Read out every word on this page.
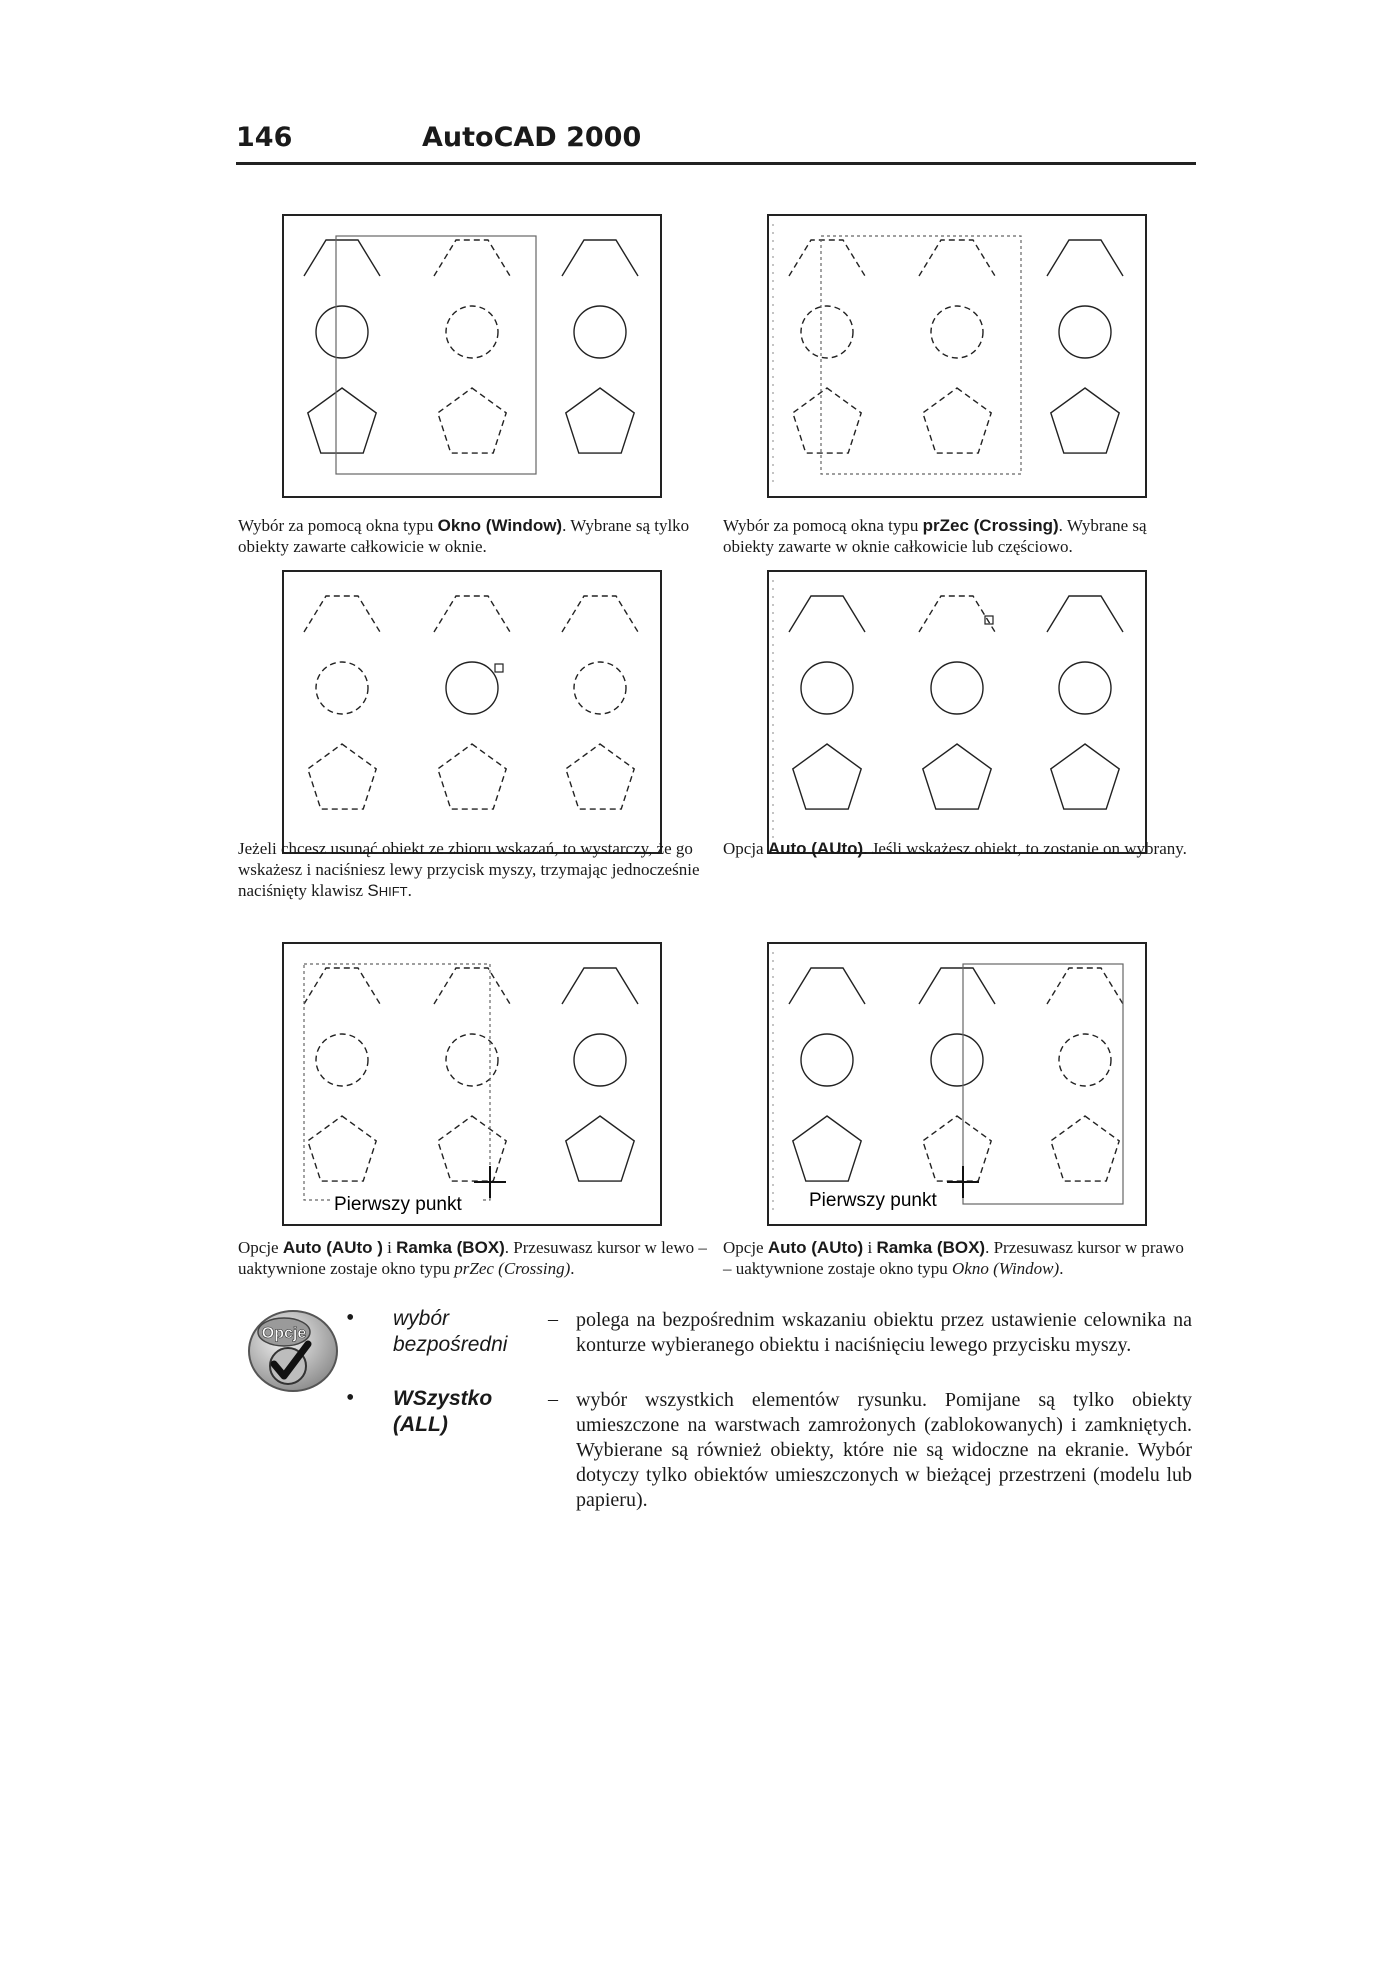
146	AutoCAD 2000
Pierwszy punkt	Pierwszy punkt
Wybór za pomocą okna typu Okno (Window). Wybrane są tylko obiekty zawarte całkowicie w oknie.
Wybór za pomocą okna typu prZec (Crossing). Wybrane są obiekty zawarte w oknie całkowicie lub częściowo.
Jeżeli chcesz usunąć obiekt ze zbioru wskazań, to wystarczy, że go wskażesz i naciśniesz lewy przycisk myszy, trzymając jednocześnie naciśnięty klawisz SHIFT.
Opcja Auto (AUto). Jeśli wskażesz obiekt, to zostanie on wybrany.
Opcje Auto (AUto ) i Ramka (BOX). Przesuwasz kursor w lewo – uaktywnione zostaje okno typu prZec (Crossing).
Opcje Auto (AUto) i Ramka (BOX). Przesuwasz kursor w prawo – uaktywnione zostaje okno typu Okno (Window).
Opcje
• wybór
bezpośredni
– polega na bezpośrednim wskazaniu obiektu przez ustawienie celownika na konturze wybieranego obiektu i naciśnięciu lewego przycisku myszy.
• WSzystko
(ALL)
– wybór wszystkich elementów rysunku. Pomijane są tylko obiekty umieszczone na warstwach zamrożonych (zablokowanych) i zamkniętych. Wybierane są również obiekty, które nie są widoczne na ekranie. Wybór dotyczy tylko obiektów umieszczonych w bieżącej przestrzeni (modelu lub papieru).
